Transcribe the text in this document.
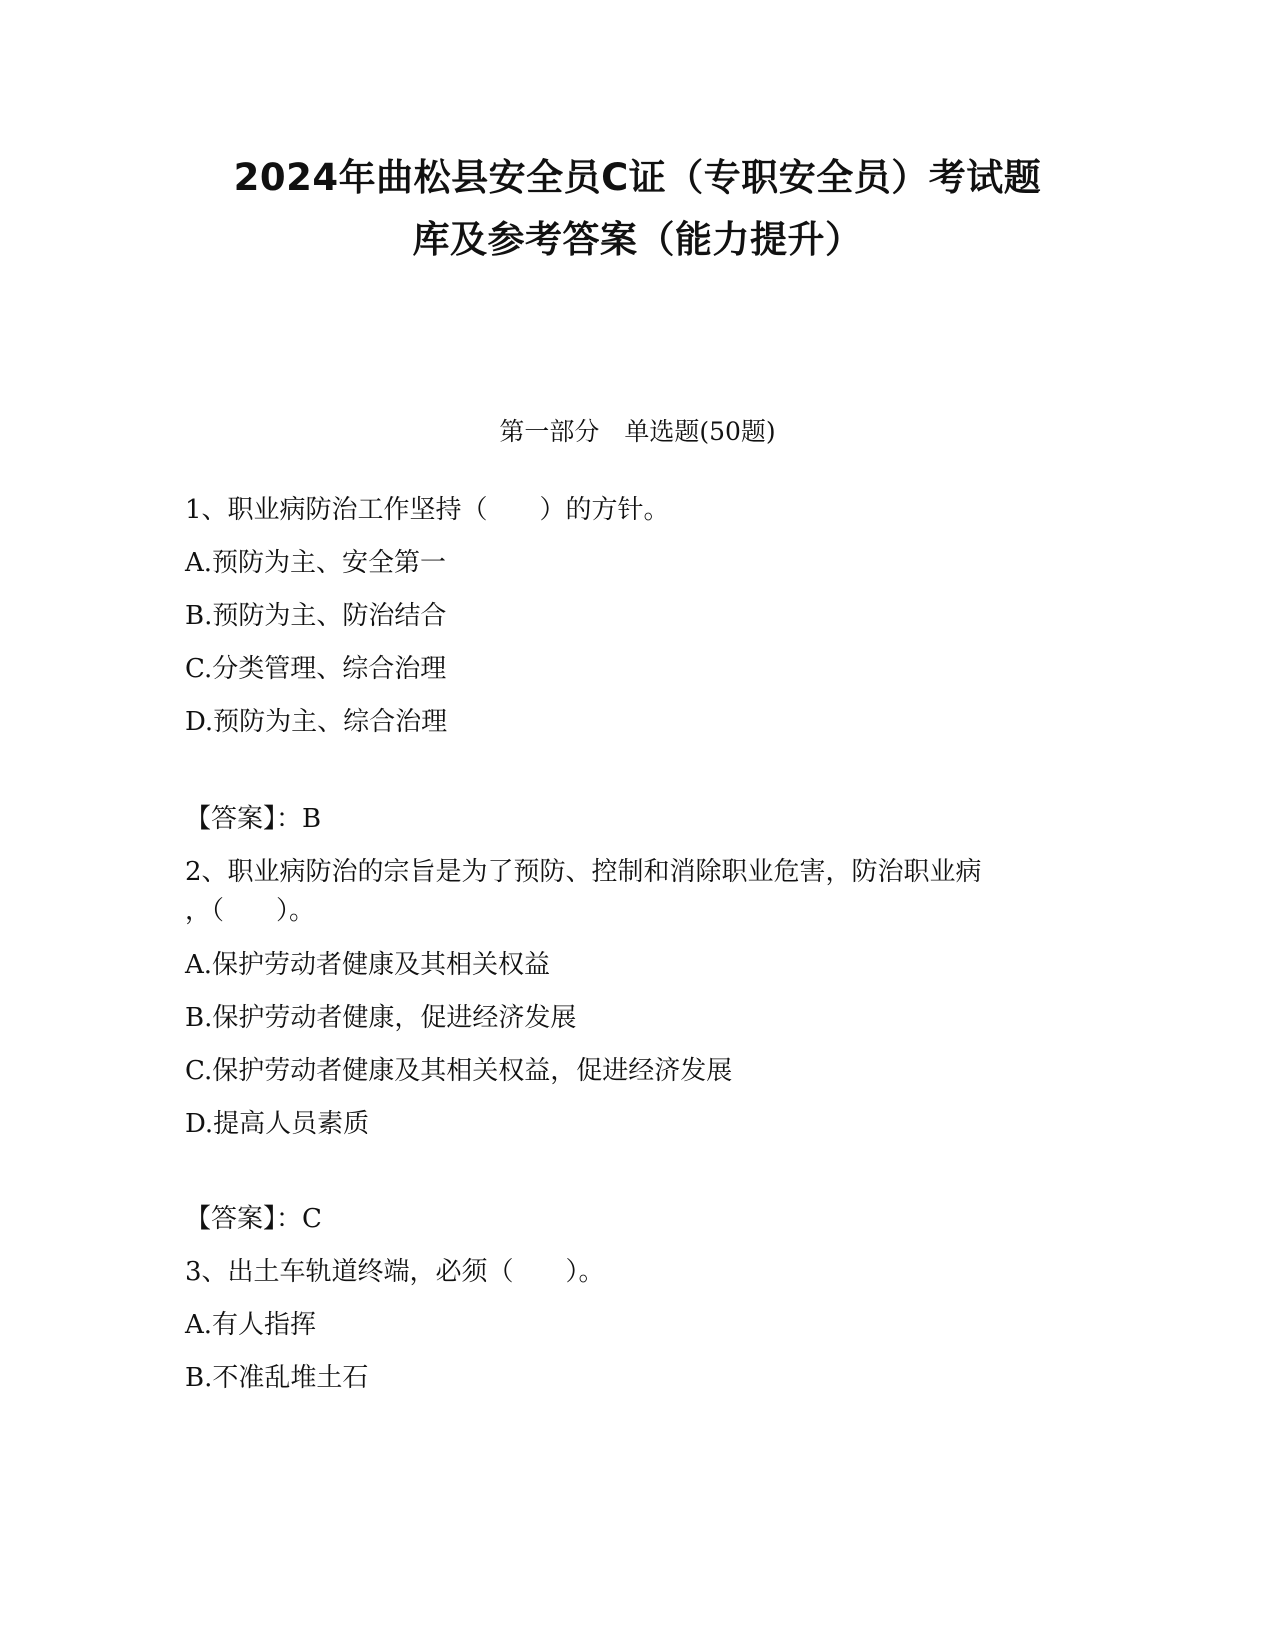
2024年曲松县安全员C证（专职安全员）考试题
库及参考答案（能力提升）
第一部分　单选题(50题)
1、职业病防治工作坚持（　　）的方针。
A.预防为主、安全第一
B.预防为主、防治结合
C.分类管理、综合治理
D.预防为主、综合治理
【答案】：B
2、职业病防治的宗旨是为了预防、控制和消除职业危害，防治职业病
，（　　）。
A.保护劳动者健康及其相关权益
B.保护劳动者健康，促进经济发展
C.保护劳动者健康及其相关权益，促进经济发展
D.提高人员素质
【答案】：C
3、出土车轨道终端，必须（　　）。
A.有人指挥
B.不准乱堆土石
